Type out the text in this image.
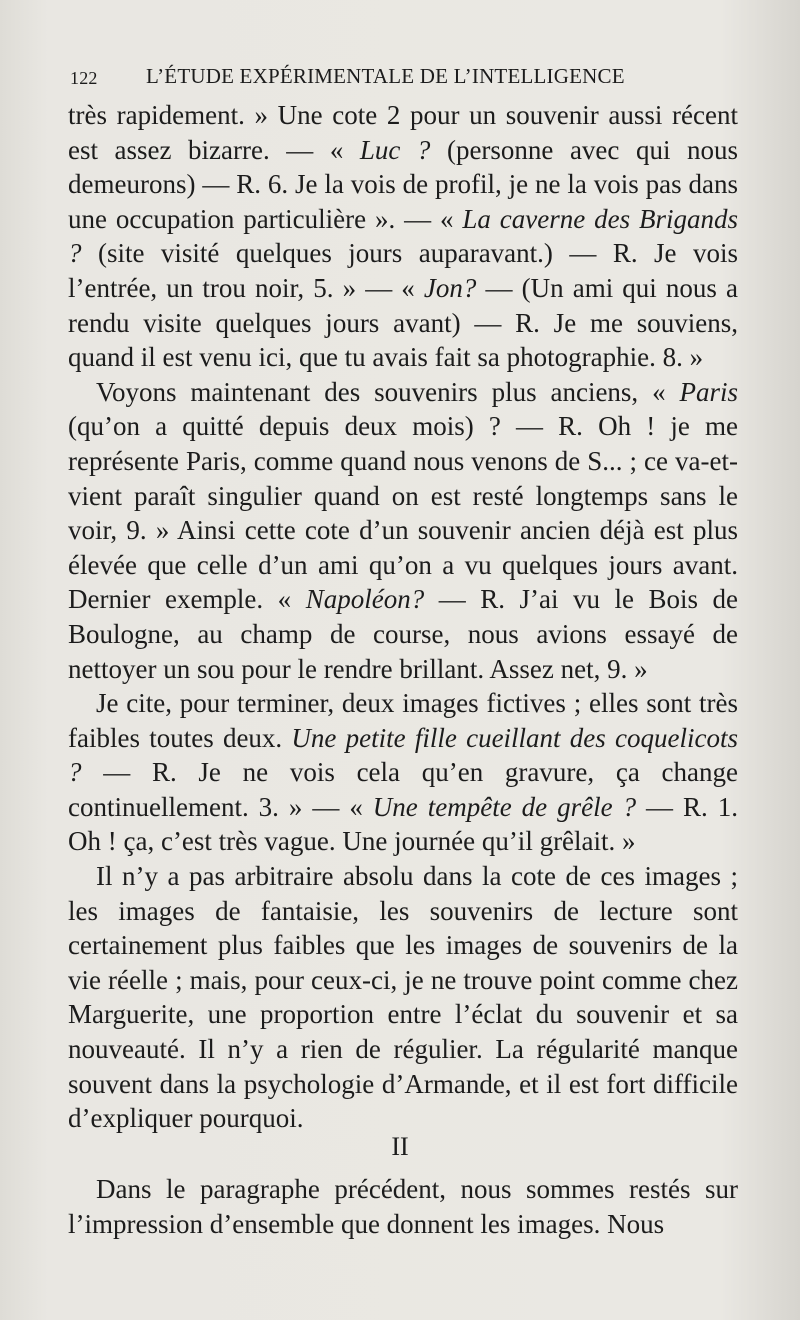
122 L’ÉTUDE EXPÉRIMENTALE DE L’INTELLIGENCE

très rapidement. » Une cote 2 pour un souvenir aussi récent est assez bizarre. — « Luc ? (personne avec qui nous demeurons) — R. 6. Je la vois de profil, je ne la vois pas dans une occupation particulière ». — « La caverne des Brigands ? (site visité quelques jours auparavant.) — R. Je vois l’entrée, un trou noir, 5. » — « Jon? — (Un ami qui nous a rendu visite quelques jours avant) — R. Je me souviens, quand il est venu ici, que tu avais fait sa photographie. 8. »

Voyons maintenant des souvenirs plus anciens, « Paris (qu’on a quitté depuis deux mois) ? — R. Oh ! je me représente Paris, comme quand nous venons de S... ; ce va-et-vient paraît singulier quand on est resté longtemps sans le voir, 9. » Ainsi cette cote d’un souvenir ancien déjà est plus élevée que celle d’un ami qu’on a vu quelques jours avant. Dernier exemple. « Napoléon? — R. J’ai vu le Bois de Boulogne, au champ de course, nous avions essayé de nettoyer un sou pour le rendre brillant. Assez net, 9. »

Je cite, pour terminer, deux images fictives ; elles sont très faibles toutes deux. Une petite fille cueillant des coquelicots ? — R. Je ne vois cela qu’en gravure, ça change continuellement. 3. » — « Une tempête de grêle ? — R. 1. Oh ! ça, c’est très vague. Une journée qu’il grêlait. »

Il n’y a pas arbitraire absolu dans la cote de ces images ; les images de fantaisie, les souvenirs de lecture sont certainement plus faibles que les images de souvenirs de la vie réelle ; mais, pour ceux-ci, je ne trouve point comme chez Marguerite, une proportion entre l’éclat du souvenir et sa nouveauté. Il n’y a rien de régulier. La régularité manque souvent dans la psychologie d’Armande, et il est fort difficile d’expliquer pourquoi.

II

Dans le paragraphe précédent, nous sommes restés sur l’impression d’ensemble que donnent les images. Nous
